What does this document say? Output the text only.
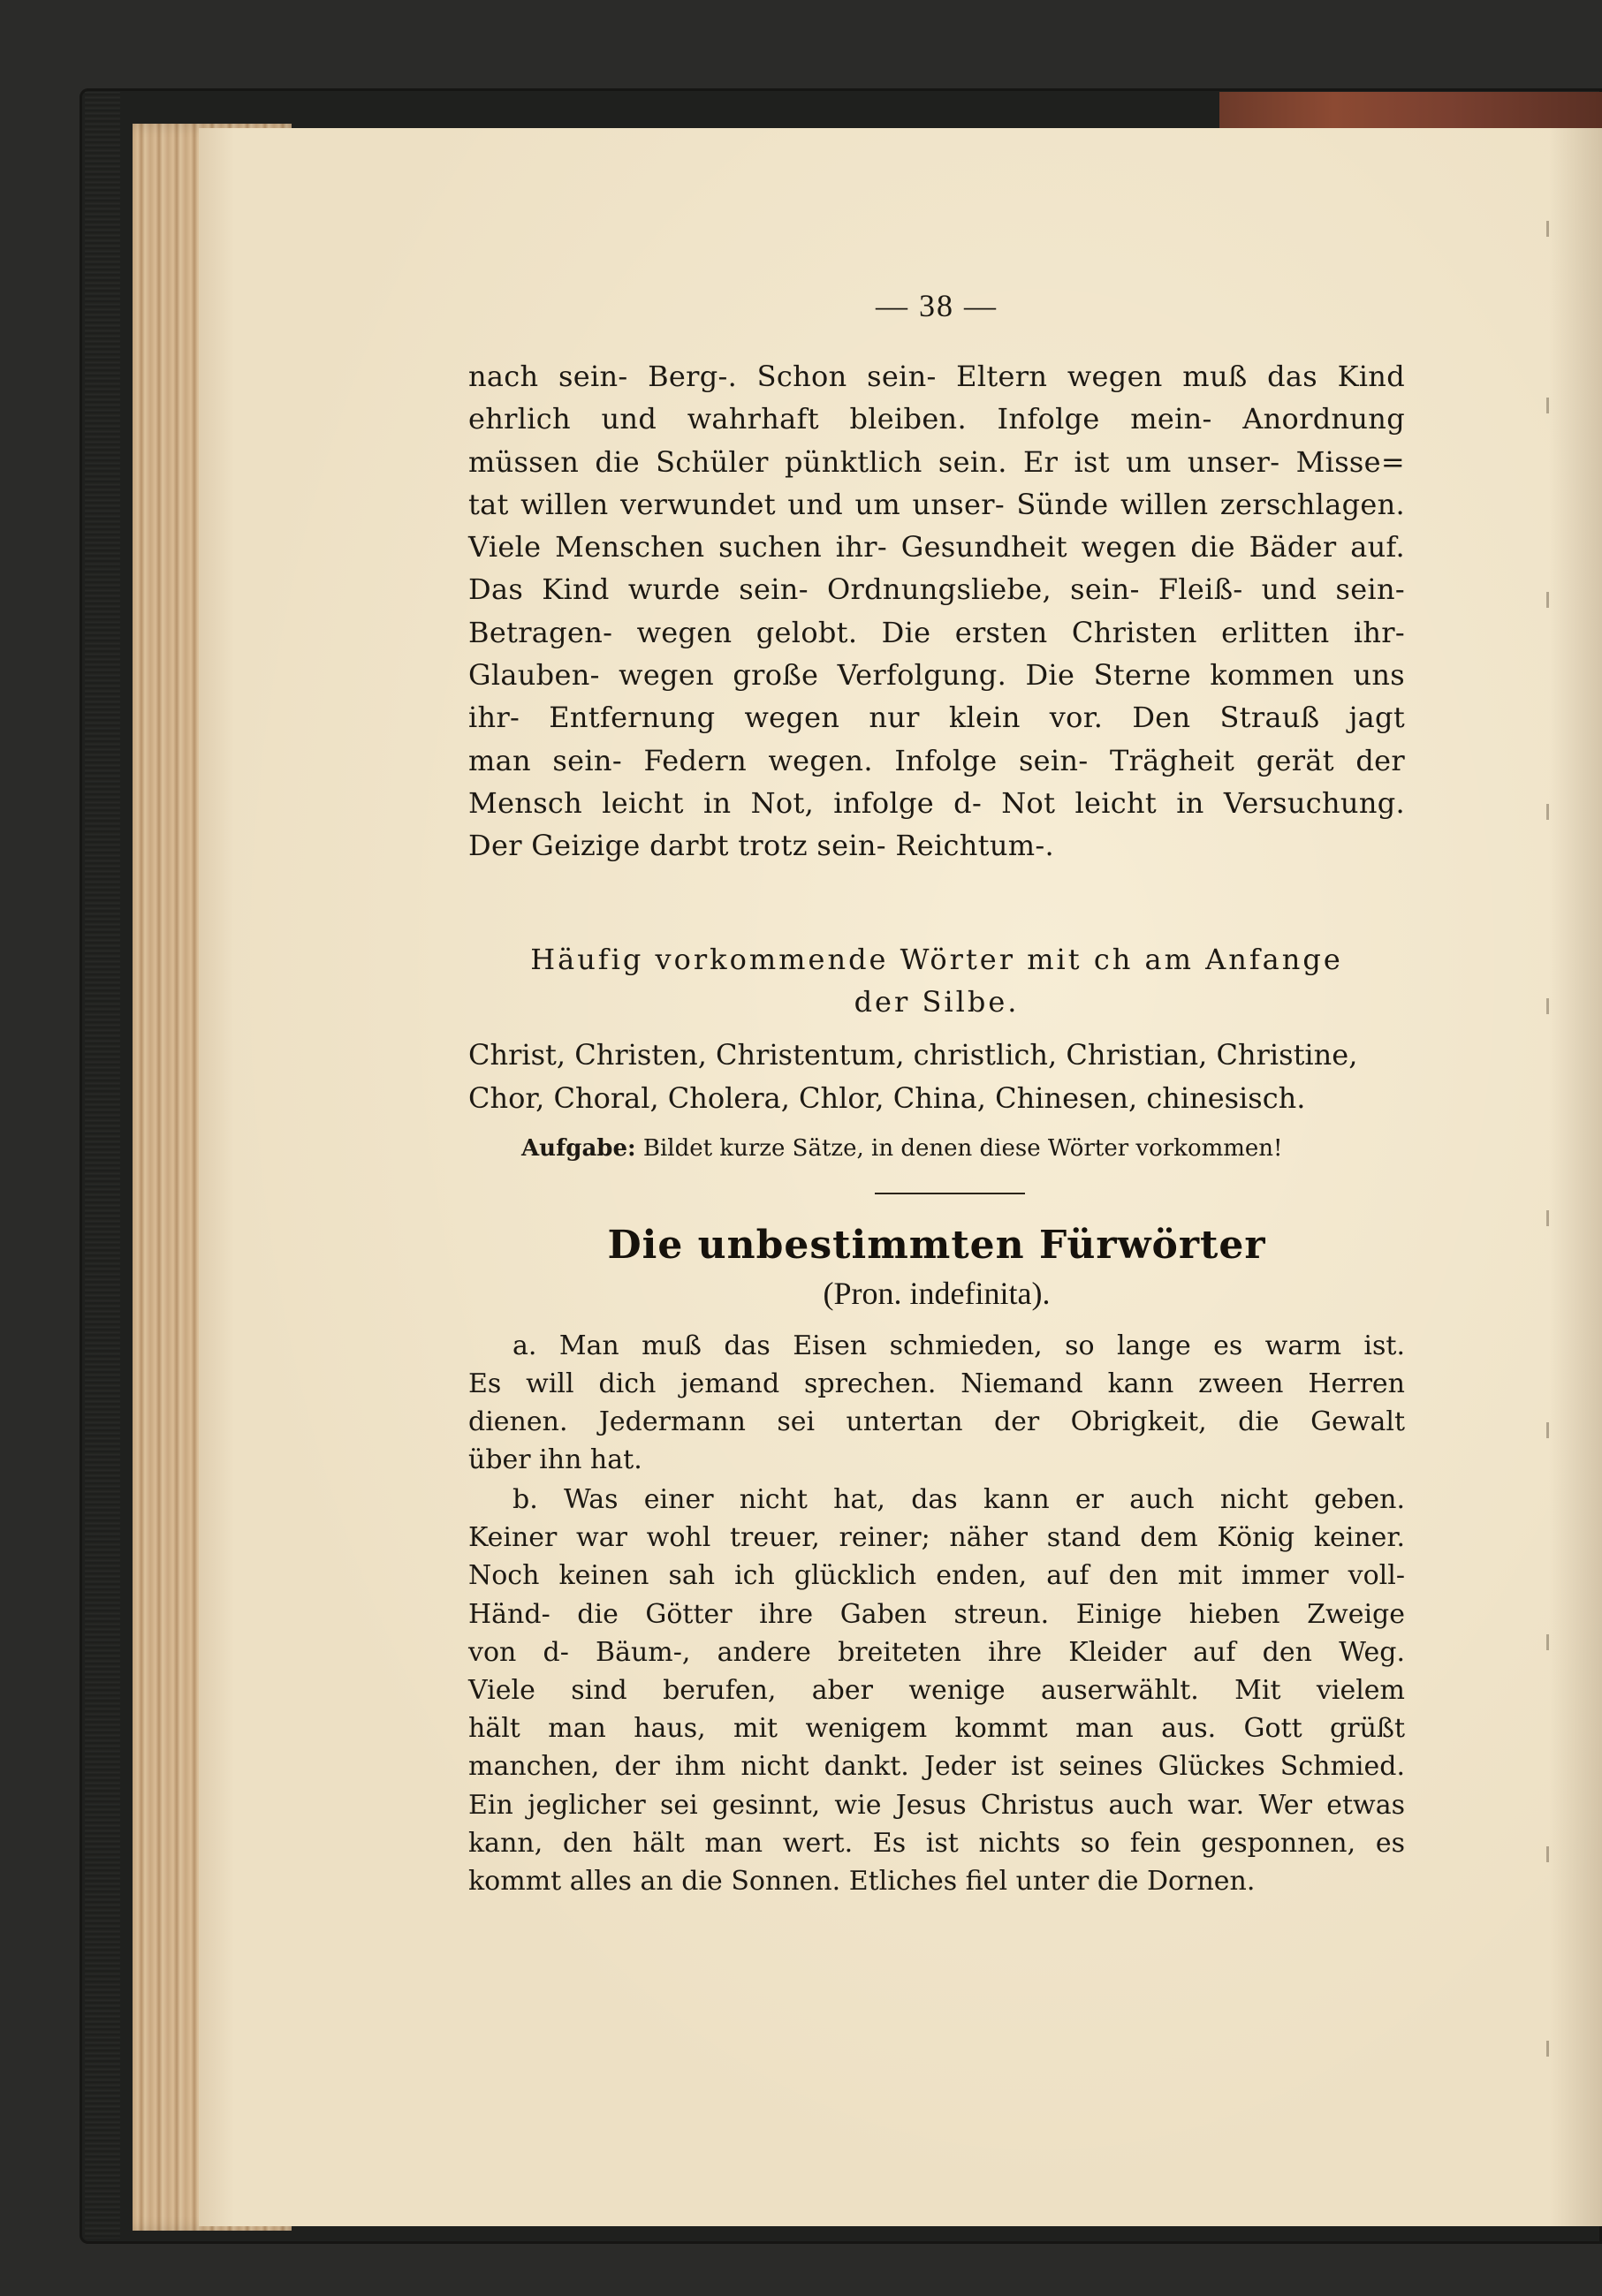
— 38 —
nach sein- Berg-. Schon sein- Eltern wegen muß das Kind
ehrlich und wahrhaft bleiben. Infolge mein- Anordnung
müssen die Schüler pünktlich sein. Er ist um unser- Misse=
tat willen verwundet und um unser- Sünde willen zerschlagen.
Viele Menschen suchen ihr- Gesundheit wegen die Bäder auf.
Das Kind wurde sein- Ordnungsliebe, sein- Fleiß- und sein-
Betragen- wegen gelobt. Die ersten Christen erlitten ihr-
Glauben- wegen große Verfolgung. Die Sterne kommen uns
ihr- Entfernung wegen nur klein vor. Den Strauß jagt
man sein- Federn wegen. Infolge sein- Trägheit gerät der
Mensch leicht in Not, infolge d- Not leicht in Versuchung.
Der Geizige darbt trotz sein- Reichtum-.
Häufig vorkommende Wörter mit ch am Anfange
der Silbe.
Christ, Christen, Christentum, christlich, Christian, Christine,
Chor, Choral, Cholera, Chlor, China, Chinesen, chinesisch.
Aufgabe: Bildet kurze Sätze, in denen diese Wörter vorkommen!
Die unbestimmten Fürwörter
(Pron. indefinita).
a. Man muß das Eisen schmieden, so lange es warm ist.
Es will dich jemand sprechen. Niemand kann zween Herren
dienen. Jedermann sei untertan der Obrigkeit, die Gewalt
über ihn hat.
b. Was einer nicht hat, das kann er auch nicht geben.
Keiner war wohl treuer, reiner; näher stand dem König keiner.
Noch keinen sah ich glücklich enden, auf den mit immer voll-
Händ- die Götter ihre Gaben streun. Einige hieben Zweige
von d- Bäum-, andere breiteten ihre Kleider auf den Weg.
Viele sind berufen, aber wenige auserwählt. Mit vielem
hält man haus, mit wenigem kommt man aus. Gott grüßt
manchen, der ihm nicht dankt. Jeder ist seines Glückes Schmied.
Ein jeglicher sei gesinnt, wie Jesus Christus auch war. Wer etwas
kann, den hält man wert. Es ist nichts so fein gesponnen, es
kommt alles an die Sonnen. Etliches fiel unter die Dornen.
